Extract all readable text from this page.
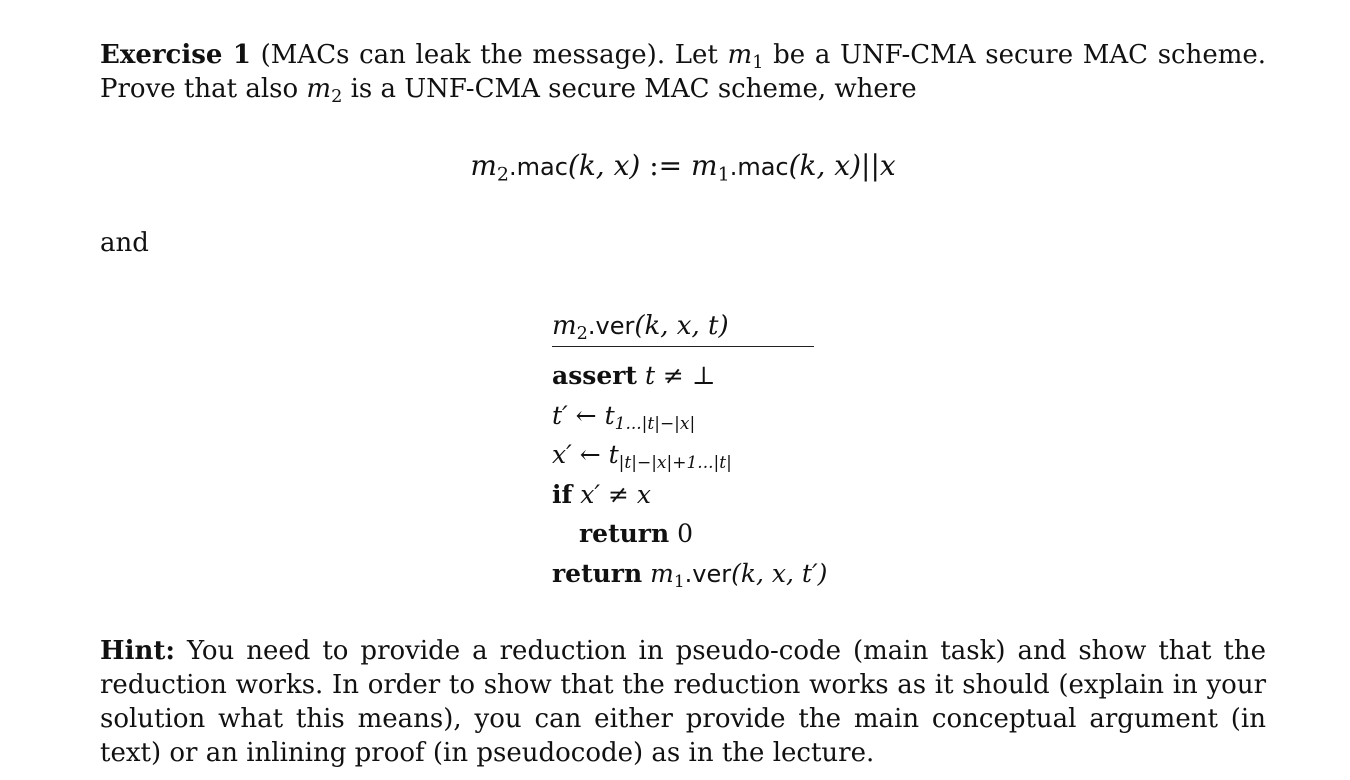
Exercise 1 (MACs can leak the message). Let $m_1$ be a UNF-CMA secure MAC scheme. Prove that also $m_2$ is a UNF-CMA secure MAC scheme, where

$m_2.mac(k$, x) := $m_1.mac(k$, x)||x
and
$m_2.ver(k$, x, t)
assert t ≠ ⊥
t′ ← $t_{1...|t|-|x|}$
x′ ← $t_{|t|-|x|+1...|t|}$
if x′ ≠ x
return 0
return $m_1.ver(k$, x, t′)

Hint: You need to provide a reduction in pseudo-code (main task) and show that the reduction works. In order to show that the reduction works as it should (explain in your solution what this means), you can either provide the main conceptual argument (in text) or an inlining proof (in pseudocode) as in the lecture.
